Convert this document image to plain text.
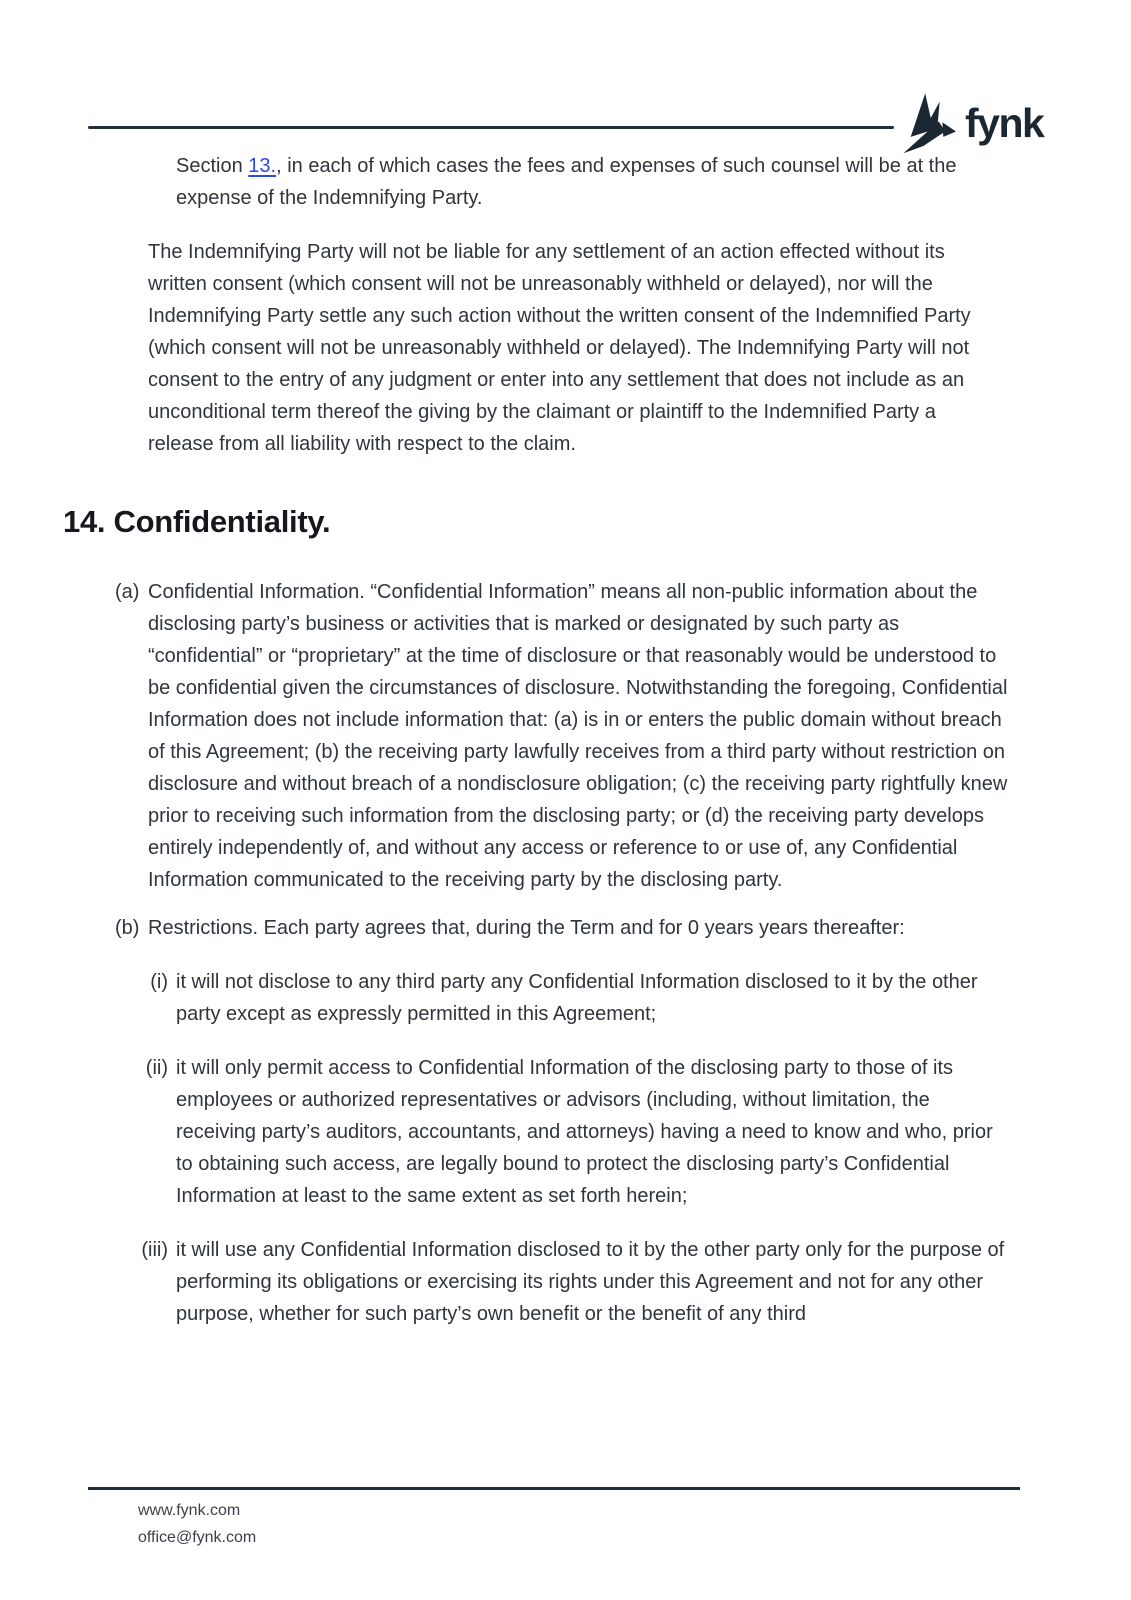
fynk

Section 13., in each of which cases the fees and expenses of such counsel will be at the expense of the Indemnifying Party.

The Indemnifying Party will not be liable for any settlement of an action effected without its written consent (which consent will not be unreasonably withheld or delayed), nor will the Indemnifying Party settle any such action without the written consent of the Indemnified Party (which consent will not be unreasonably withheld or delayed). The Indemnifying Party will not consent to the entry of any judgment or enter into any settlement that does not include as an unconditional term thereof the giving by the claimant or plaintiff to the Indemnified Party a release from all liability with respect to the claim.

14. Confidentiality.
(a) Confidential Information. “Confidential Information” means all non-public information about the disclosing party’s business or activities that is marked or designated by such party as “confidential” or “proprietary” at the time of disclosure or that reasonably would be understood to be confidential given the circumstances of disclosure. Notwithstanding the foregoing, Confidential Information does not include information that: (a) is in or enters the public domain without breach of this Agreement; (b) the receiving party lawfully receives from a third party without restriction on disclosure and without breach of a nondisclosure obligation; (c) the receiving party rightfully knew prior to receiving such information from the disclosing party; or (d) the receiving party develops entirely independently of, and without any access or reference to or use of, any Confidential Information communicated to the receiving party by the disclosing party.
(b) Restrictions. Each party agrees that, during the Term and for 0 years years thereafter:
(i) it will not disclose to any third party any Confidential Information disclosed to it by the other party except as expressly permitted in this Agreement;
(ii) it will only permit access to Confidential Information of the disclosing party to those of its employees or authorized representatives or advisors (including, without limitation, the receiving party’s auditors, accountants, and attorneys) having a need to know and who, prior to obtaining such access, are legally bound to protect the disclosing party’s Confidential Information at least to the same extent as set forth herein;
(iii) it will use any Confidential Information disclosed to it by the other party only for the purpose of performing its obligations or exercising its rights under this Agreement and not for any other purpose, whether for such party’s own benefit or the benefit of any third
www.fynk.com
office@fynk.com
